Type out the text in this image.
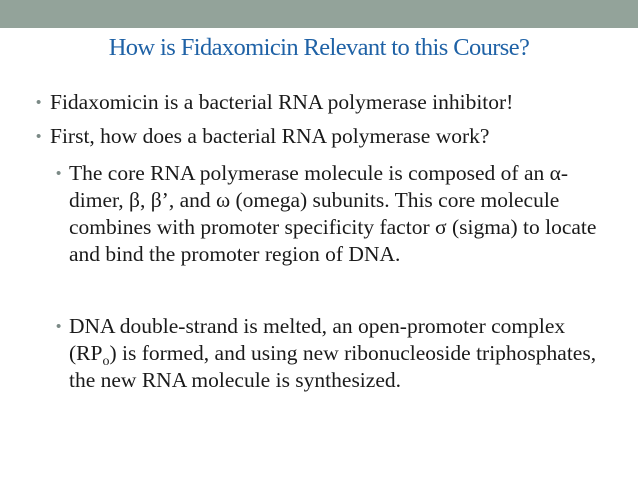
How is Fidaxomicin Relevant to this Course?
• Fidaxomicin is a bacterial RNA polymerase inhibitor!
• First, how does a bacterial RNA polymerase work?
• The core RNA polymerase molecule is composed of an α-dimer, β, β’, and ω (omega) subunits. This core molecule combines with promoter specificity factor σ (sigma) to locate and bind the promoter region of DNA.
• DNA double-strand is melted, an open-promoter complex $(RP_o)$ is formed, and using new ribonucleoside triphosphates, the new RNA molecule is synthesized.
